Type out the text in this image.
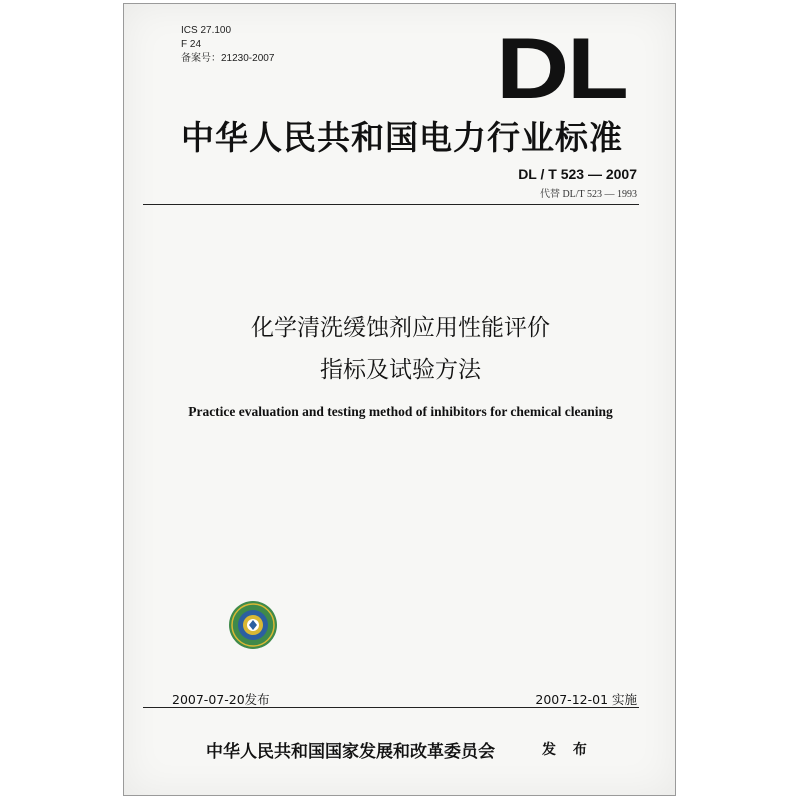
ICS 27.100
F 24
备案号：21230-2007	DL
中华人民共和国电力行业标准
DL / T 523 — 2007
代替 DL/T 523 — 1993
化学清洗缓蚀剂应用性能评价
指标及试验方法
Practice evaluation and testing method of inhibitors for chemical cleaning
2007-07-20发布	2007-12-01 实施
中华人民共和国国家发展和改革委员会	发 布
